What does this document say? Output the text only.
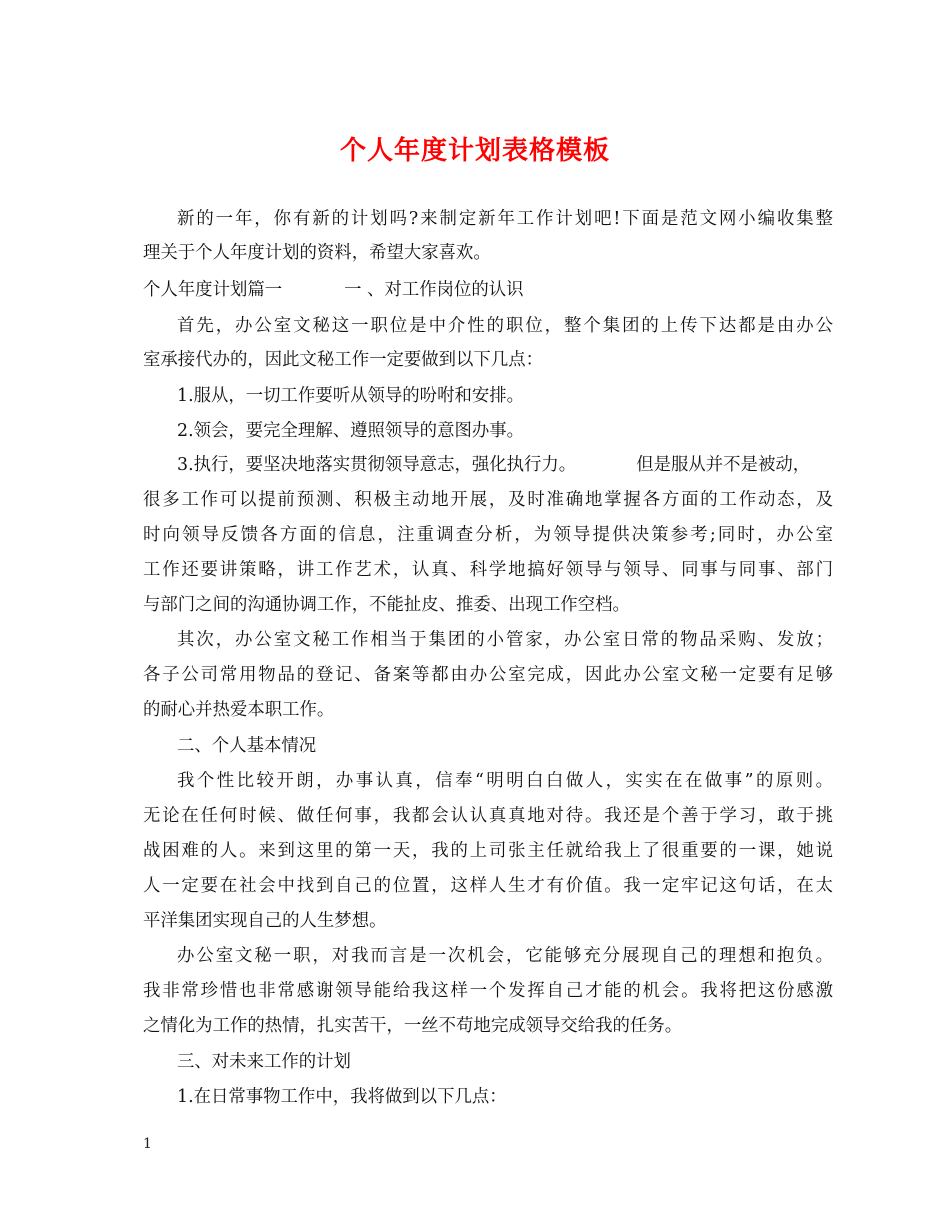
个人年度计划表格模板
新的一年，你有新的计划吗?来制定新年工作计划吧!下面是范文网小编收集整
理关于个人年度计划的资料，希望大家喜欢。
个人年度计划篇一	一 、对工作岗位的认识
首先，办公室文秘这一职位是中介性的职位，整个集团的上传下达都是由办公
室承接代办的，因此文秘工作一定要做到以下几点：
1.服从，一切工作要听从领导的吩咐和安排。
2.领会，要完全理解、遵照领导的意图办事。
3.执行，要坚决地落实贯彻领导意志，强化执行力。	但是服从并不是被动，
很多工作可以提前预测、积极主动地开展，及时准确地掌握各方面的工作动态，及
时向领导反馈各方面的信息，注重调查分析，为领导提供决策参考;同时，办公室
工作还要讲策略，讲工作艺术，认真、科学地搞好领导与领导、同事与同事、部门
与部门之间的沟通协调工作，不能扯皮、推委、出现工作空档。
其次，办公室文秘工作相当于集团的小管家，办公室日常的物品采购、发放；
各子公司常用物品的登记、备案等都由办公室完成，因此办公室文秘一定要有足够
的耐心并热爱本职工作。
二、个人基本情况
我个性比较开朗，办事认真，信奉“明明白白做人，实实在在做事”的原则。
无论在任何时候、做任何事，我都会认认真真地对待。我还是个善于学习，敢于挑
战困难的人。来到这里的第一天，我的上司张主任就给我上了很重要的一课，她说
人一定要在社会中找到自己的位置，这样人生才有价值。我一定牢记这句话，在太
平洋集团实现自己的人生梦想。
办公室文秘一职，对我而言是一次机会，它能够充分展现自己的理想和抱负。
我非常珍惜也非常感谢领导能给我这样一个发挥自己才能的机会。我将把这份感激
之情化为工作的热情，扎实苦干，一丝不苟地完成领导交给我的任务。
三、对未来工作的计划
1.在日常事物工作中，我将做到以下几点：
1
